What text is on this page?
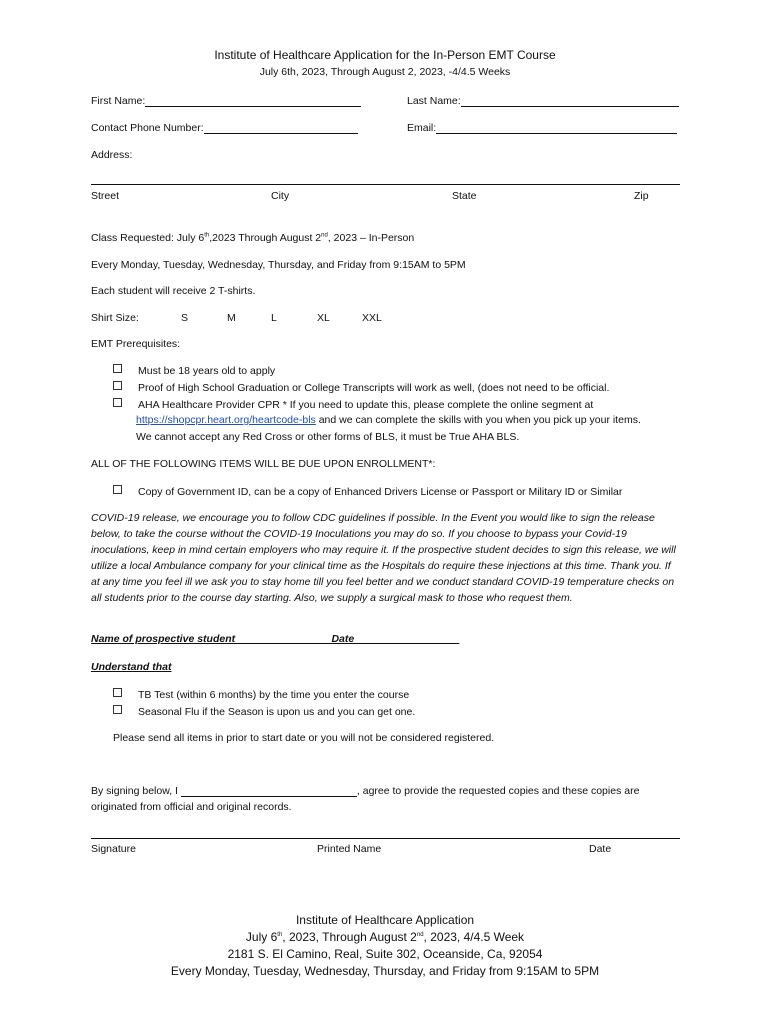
Institute of Healthcare Application for the In-Person EMT Course
July 6th, 2023, Through August 2, 2023, -4/4.5 Weeks
First Name:	Last Name:
Contact Phone Number:	Email:
Address:
Street	City	State	Zip
Class Requested: July 6th,2023 Through August 2nd, 2023 – In-Person
Every Monday, Tuesday, Wednesday, Thursday, and Friday from 9:15AM to 5PM
Each student will receive 2 T-shirts.
Shirt Size:	S	M	L	XL	XXL
EMT Prerequisites:
Must be 18 years old to apply
Proof of High School Graduation or College Transcripts will work as well, (does not need to be official.
AHA Healthcare Provider CPR * If you need to update this, please complete the online segment at
https://shopcpr.heart.org/heartcode-bls and we can complete the skills with you when you pick up your items.
We cannot accept any Red Cross or other forms of BLS, it must be True AHA BLS.
ALL OF THE FOLLOWING ITEMS WILL BE DUE UPON ENROLLMENT*:
Copy of Government ID, can be a copy of Enhanced Drivers License or Passport or Military ID or Similar
COVID-19 release, we encourage you to follow CDC guidelines if possible. In the Event you would like to sign the release below, to take the course without the COVID-19 Inoculations you may do so. If you choose to bypass your Covid-19 inoculations, keep in mind certain employers who may require it. If the prospective student decides to sign this release, we will utilize a local Ambulance company for your clinical time as the Hospitals do require these injections at this time. Thank you. If at any time you feel ill we ask you to stay home till you feel better and we conduct standard COVID-19 temperature checks on all students prior to the course day starting. Also, we supply a surgical mask to those who request them.
Name of prospective student________________ Date__________________
Understand that
TB Test (within 6 months) by the time you enter the course
Seasonal Flu if the Season is upon us and you can get one.
Please send all items in prior to start date or you will not be considered registered.
By signing below, I	, agree to provide the requested copies and these copies are
originated from official and original records.
Signature	Printed Name	Date
Institute of Healthcare Application
July 6th, 2023, Through August 2nd, 2023, 4/4.5 Week
2181 S. El Camino, Real, Suite 302, Oceanside, Ca, 92054
Every Monday, Tuesday, Wednesday, Thursday, and Friday from 9:15AM to 5PM
